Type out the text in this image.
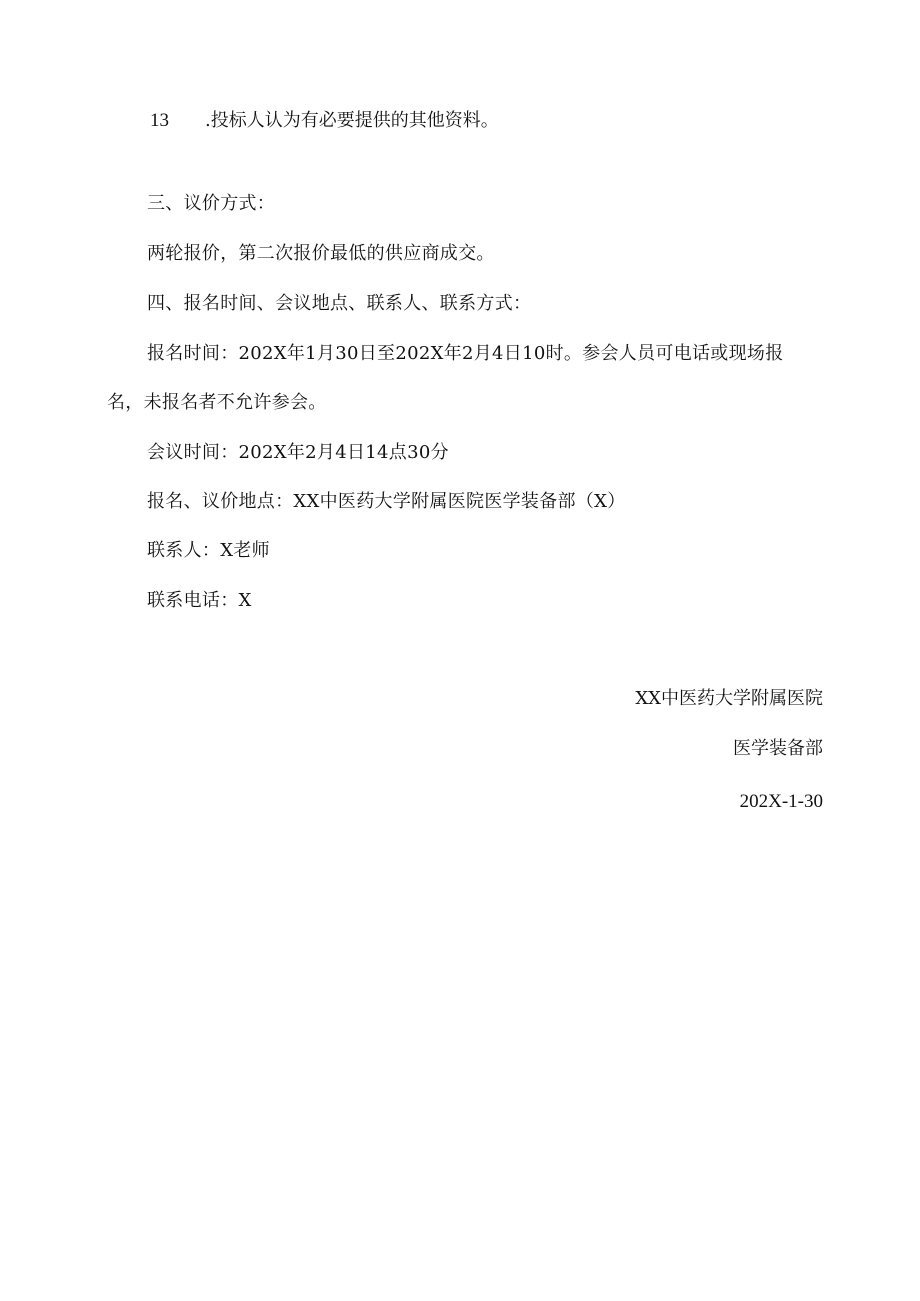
13 .投标人认为有必要提供的其他资料。
三、议价方式：
两轮报价，第二次报价最低的供应商成交。
四、报名时间、会议地点、联系人、联系方式：
报名时间：202X年1月30日至202X年2月4日10时。参会人员可电话或现场报
名，未报名者不允许参会。
会议时间：202X年2月4日14点30分
报名、议价地点：XX中医药大学附属医院医学装备部（X）
联系人：X老师
联系电话：X
XX中医药大学附属医院
医学装备部
202X-1-30
